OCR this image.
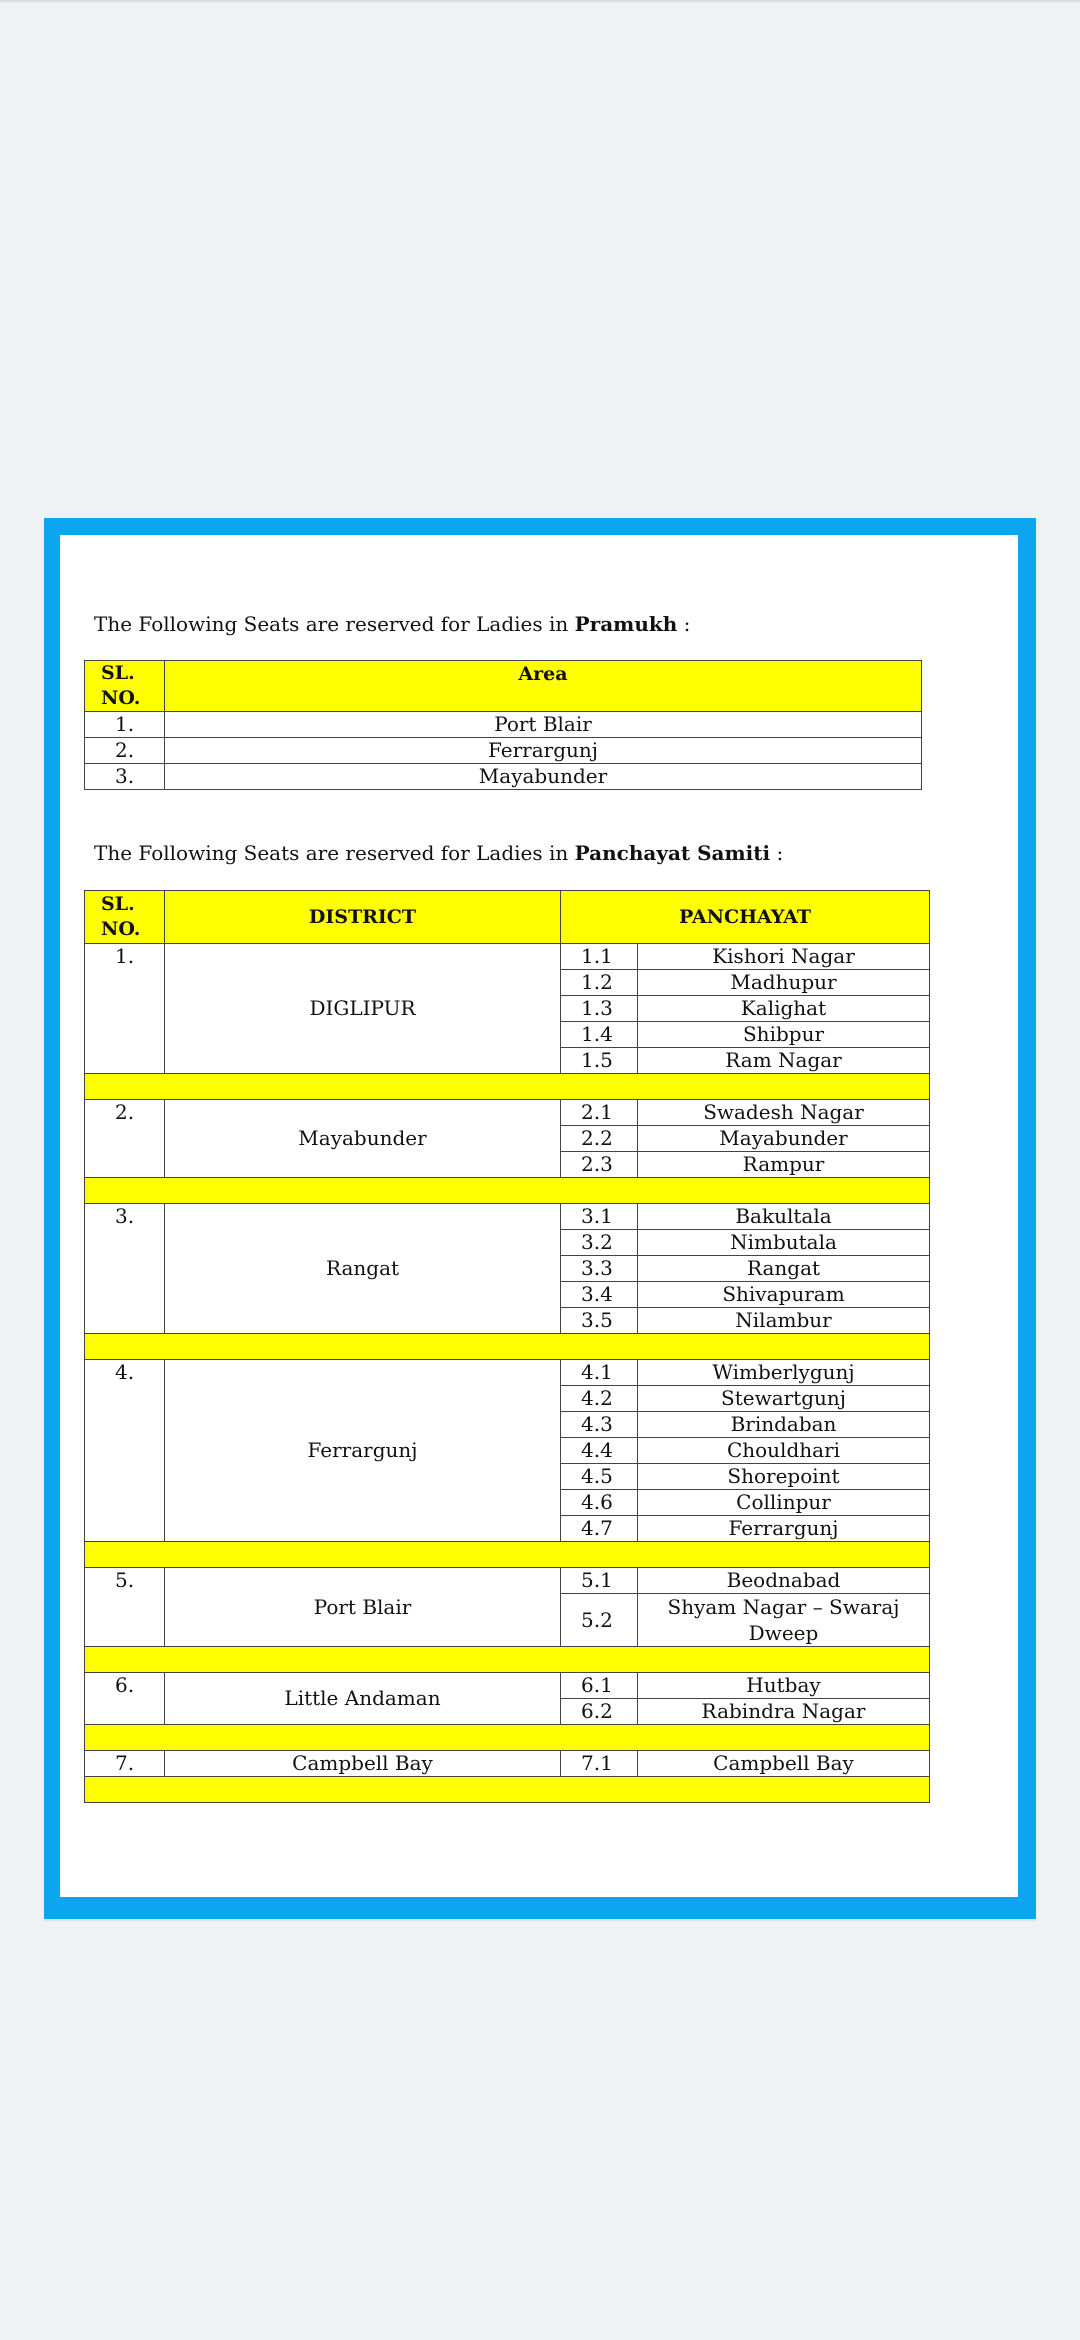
The Following Seats are reserved for Ladies in Pramukh :
SL.
NO.	Area
1.	Port Blair
2.	Ferrargunj
3.	Mayabunder
The Following Seats are reserved for Ladies in Panchayat Samiti :
SL.
NO.	DISTRICT	PANCHAYAT	
1.	DIGLIPUR	1.1	Kishori Nagar
		1.2	Madhupur
		1.3	Kalighat
		1.4	Shibpur
		1.5	Ram Nagar

2.	Mayabunder	2.1	Swadesh Nagar
		2.2	Mayabunder
		2.3	Rampur

3.	Rangat	3.1	Bakultala
		3.2	Nimbutala
		3.3	Rangat
		3.4	Shivapuram
		3.5	Nilambur

4.	Ferrargunj	4.1	Wimberlygunj
		4.2	Stewartgunj
		4.3	Brindaban
		4.4	Chouldhari
		4.5	Shorepoint
		4.6	Collinpur
		4.7	Ferrargunj

5.	Port Blair	5.1	Beodnabad
		5.2	Shyam Nagar – Swaraj Dweep

6.	Little Andaman	6.1	Hutbay
		6.2	Rabindra Nagar

7.	Campbell Bay	7.1	Campbell Bay
